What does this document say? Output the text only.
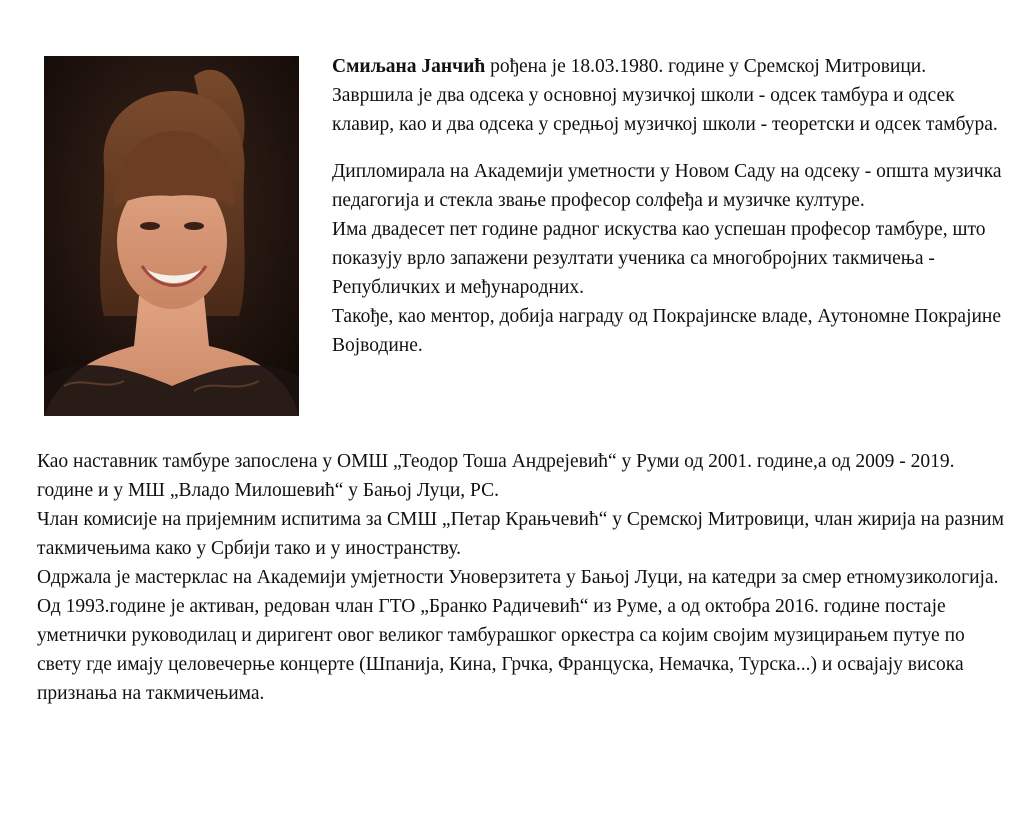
Смиљана Јанчић рођена је 18.03.1980. године у Сремској Митровици. Завршила је два одсека у основној музичкој школи - одсек тамбура и одсек клавир, као и два одсека у средњој музичкој школи - теоретски и одсек тамбура.

Дипломирала на Академији уметности у Новом Саду на одсеку - општа музичка педагогија и стекла звање професор солфеђа и музичке културе.

Има двадесет пет године радног искуства као успешан професор тамбуре, што показују врло запажени резултати ученика са многобројних такмичења - Републичких и међународних.

Такође, као ментор, добија награду од Покрајинске владе, Аутономне Покрајине Војводине.

Као наставник тамбуре запослена у ОМШ „Теодор Тоша Андрејевић“ у Руми од 2001. године,а од 2009 - 2019. године и у МШ „Владо Милошевић“ у Бањој Луци, РС.

Члан комисије на пријемним испитима за СМШ „Петар Крањчевић“ у Сремској Митровици, члан жирија на разним такмичењима како у Србији тако и у иностранству.

Одржала је мастерклас на Академији умјетности Уноверзитета у Бањој Луци, на катедри за смер етномузикологија.

Од 1993.године је активан, редован члан ГТО „Бранко Радичевић“ из Руме, а од октобра 2016. године постаје уметнички руководилац и диригент овог великог тамбурашког оркестра са којим својим музицирањем путуе по свету где имају целовечерње концерте (Шпанија, Кина, Грчка, Француска, Немачка, Турска...) и освајају висока признања на такмичењима.
